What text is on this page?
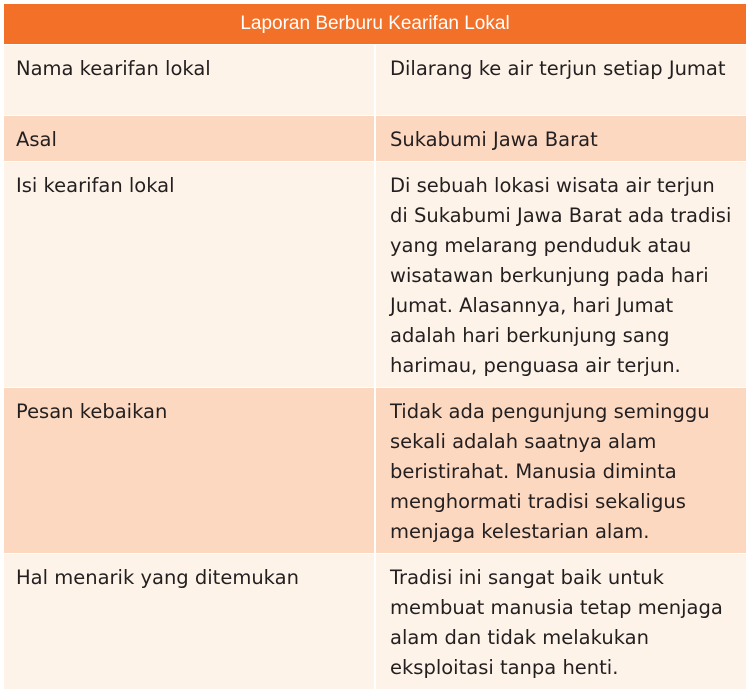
Laporan Berburu Kearifan Lokal	
Nama kearifan lokal	Dilarang ke air terjun setiap Jumat
Asal	Sukabumi Jawa Barat
Isi kearifan lokal	Di sebuah lokasi wisata air terjun di Sukabumi Jawa Barat ada tradisi yang melarang penduduk atau wisatawan berkunjung pada hari Jumat. Alasannya, hari Jumat adalah hari berkunjung sang harimau, penguasa air terjun.
Pesan kebaikan	Tidak ada pengunjung seminggu sekali adalah saatnya alam beristirahat. Manusia diminta menghormati tradisi sekaligus menjaga kelestarian alam.
Hal menarik yang ditemukan	Tradisi ini sangat baik untuk membuat manusia tetap menjaga alam dan tidak melakukan eksploitasi tanpa henti.
